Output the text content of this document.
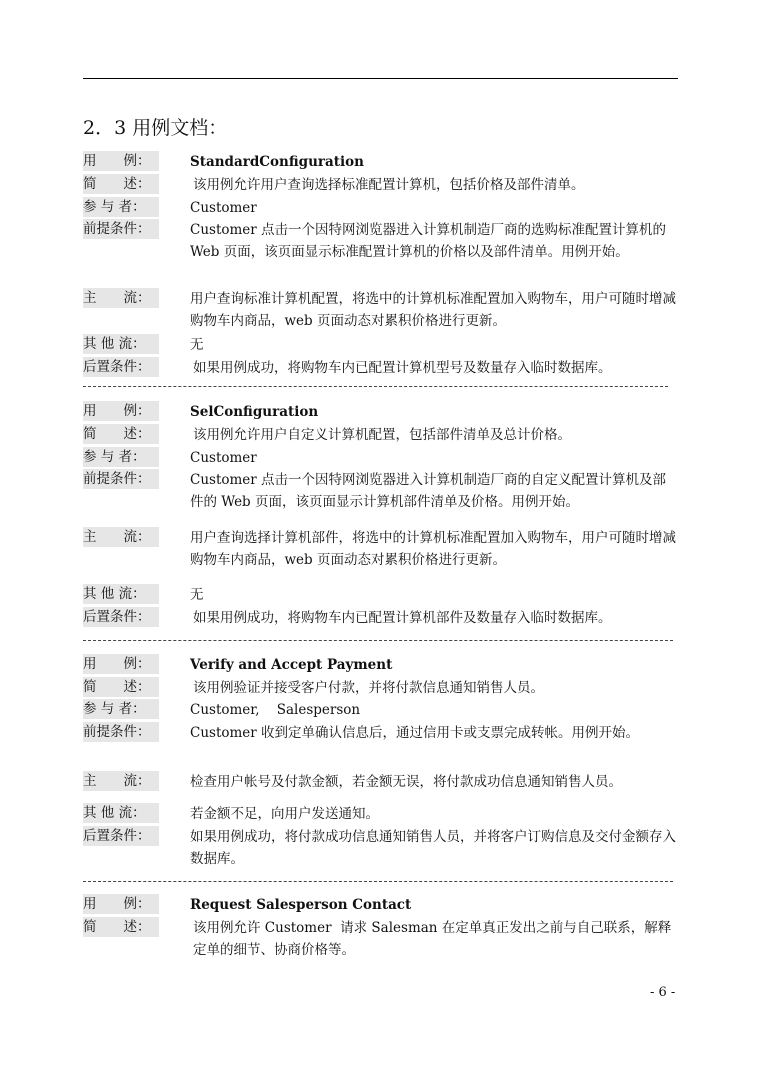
2．3 用例文档：
用　　例：	StandardConfiguration
简　　述：	该用例允许用户查询选择标准配置计算机，包括价格及部件清单。
参 与 者：	Customer
前提条件：	Customer 点击一个因特网浏览器进入计算机制造厂商的选购标准配置计算机的 Web 页面，该页面显示标准配置计算机的价格以及部件清单。用例开始。
主　　流：	用户查询标准计算机配置，将选中的计算机标准配置加入购物车，用户可随时增减购物车内商品，web 页面动态对累积价格进行更新。
其 他 流：	无
后置条件：	如果用例成功，将购物车内已配置计算机型号及数量存入临时数据库。
用　　例：	SelConfiguration
简　　述：	该用例允许用户自定义计算机配置，包括部件清单及总计价格。
参 与 者：	Customer
前提条件：	Customer 点击一个因特网浏览器进入计算机制造厂商的自定义配置计算机及部件的 Web 页面，该页面显示计算机部件清单及价格。用例开始。
主　　流：	用户查询选择计算机部件，将选中的计算机标准配置加入购物车，用户可随时增减购物车内商品，web 页面动态对累积价格进行更新。
其 他 流：	无
后置条件：	如果用例成功，将购物车内已配置计算机部件及数量存入临时数据库。
用　　例：	Verify and Accept Payment
简　　述：	该用例验证并接受客户付款，并将付款信息通知销售人员。
参 与 者：	Customer,    Salesperson
前提条件：	Customer 收到定单确认信息后，通过信用卡或支票完成转帐。用例开始。
主　　流：	检查用户帐号及付款金额，若金额无误，将付款成功信息通知销售人员。
其 他 流：	若金额不足，向用户发送通知。
后置条件：	如果用例成功，将付款成功信息通知销售人员，并将客户订购信息及交付金额存入数据库。
用　　例：	Request Salesperson Contact
简　　述：	该用例允许 Customer  请求 Salesman 在定单真正发出之前与自己联系，解释定单的细节、协商价格等。
- 6 -
